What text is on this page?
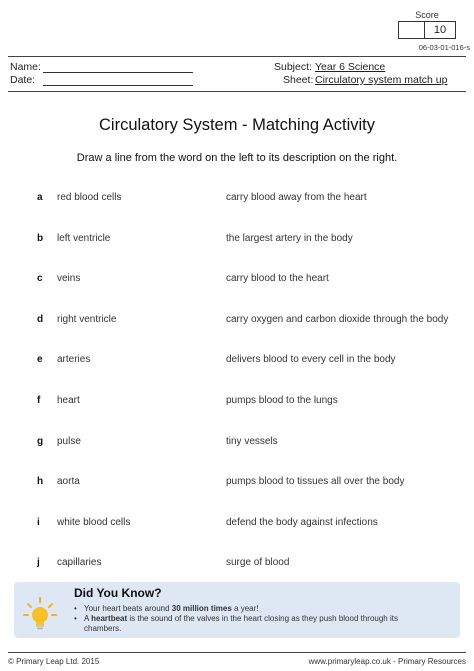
Score
10
06-03-01-016-s
Name:
Date:
Subject: Year 6 Science
Sheet: Circulatory system match up
Circulatory System - Matching Activity
Draw a line from the word on the left to its description on the right.
a red blood cells	carry blood away from the heart
b left ventricle	the largest artery in the body
c veins	carry blood to the heart
d right ventricle	carry oxygen and carbon dioxide through the body
e arteries	delivers blood to every cell in the body
f heart	pumps blood to the lungs
g pulse	tiny vessels
h aorta	pumps blood to tissues all over the body
i white blood cells	defend the body against infections
j capillaries	surge of blood
Did You Know?
• Your heart beats around 30 million times a year!
• A heartbeat is the sound of the valves in the heart closing as they push blood through its
chambers.
© Primary Leap Ltd. 2015	www.primaryleap.co.uk - Primary Resources
